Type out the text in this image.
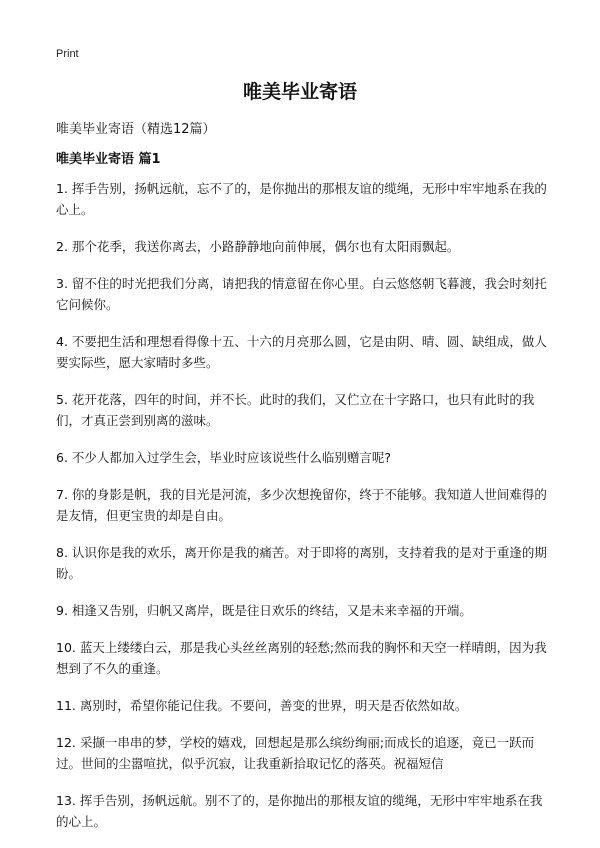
Print
唯美毕业寄语
唯美毕业寄语（精选12篇）
唯美毕业寄语 篇1
1. 挥手告别，扬帆远航，忘不了的，是你抛出的那根友谊的缆绳，无形中牢牢地系在我的心上。
2. 那个花季，我送你离去，小路静静地向前伸展，偶尔也有太阳雨飘起。
3. 留不住的时光把我们分离，请把我的情意留在你心里。白云悠悠朝飞暮渡，我会时刻托它问候你。
4. 不要把生活和理想看得像十五、十六的月亮那么圆，它是由阴、晴、圆、缺组成，做人要实际些，愿大家晴时多些。
5. 花开花落，四年的时间，并不长。此时的我们，又伫立在十字路口，也只有此时的我们，才真正尝到别离的滋味。
6. 不少人都加入过学生会，毕业时应该说些什么临别赠言呢?
7. 你的身影是帆，我的目光是河流，多少次想挽留你，终于不能够。我知道人世间难得的是友情，但更宝贵的却是自由。
8. 认识你是我的欢乐，离开你是我的痛苦。对于即将的离别，支持着我的是对于重逢的期盼。
9. 相逢又告别，归帆又离岸，既是往日欢乐的终结，又是未来幸福的开端。
10. 蓝天上缕缕白云，那是我心头丝丝离别的轻愁;然而我的胸怀和天空一样晴朗，因为我想到了不久的重逢。
11. 离别时，希望你能记住我。不要问，善变的世界，明天是否依然如故。
12. 采撷一串串的梦，学校的嬉戏，回想起是那么缤纷绚丽;而成长的追逐，竟已一跃而过。世间的尘嚣喧扰，似乎沉寂，让我重新拾取记忆的落英。祝福短信
13. 挥手告别，扬帆远航。别不了的，是你抛出的那根友谊的缆绳，无形中牢牢地系在我的心上。
